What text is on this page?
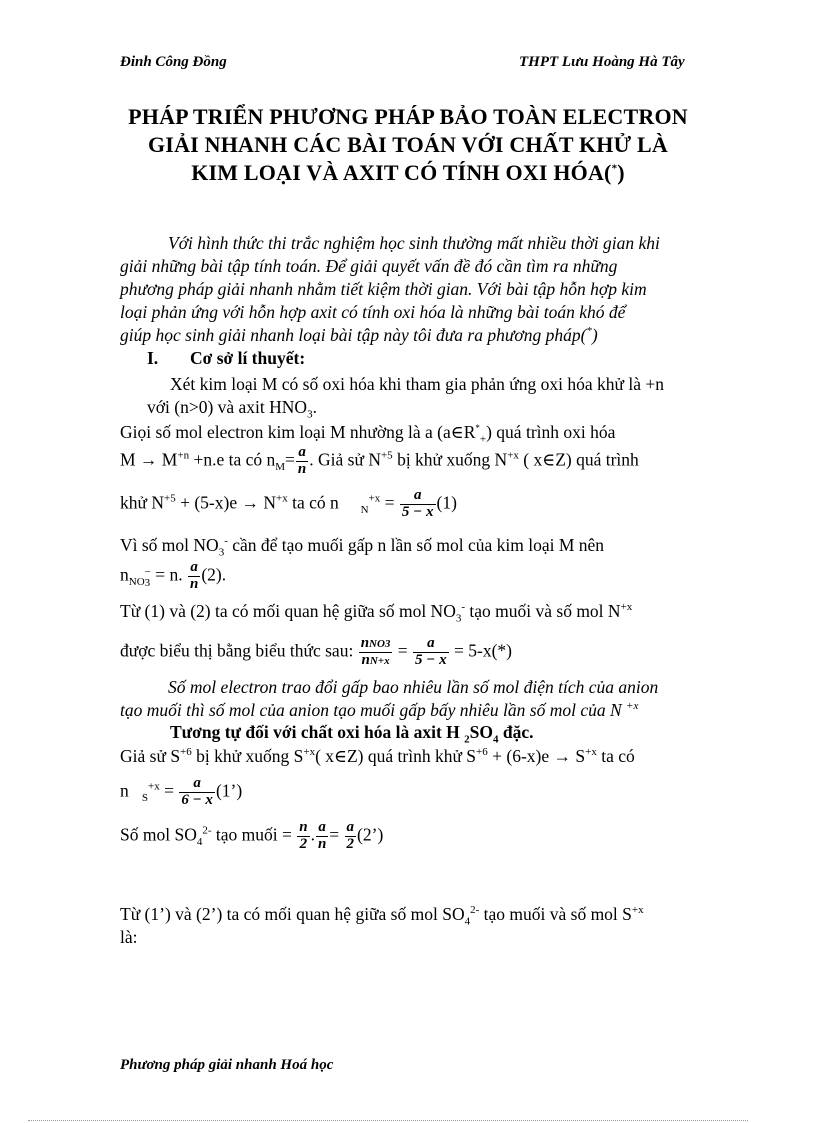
Đinh Công Đồng	THPT Lưu Hoàng Hà Tây
PHÁP TRIỂN PHƯƠNG PHÁP BẢO TOÀN ELECTRON
GIẢI NHANH CÁC BÀI TOÁN VỚI CHẤT KHỬ LÀ
KIM LOẠI VÀ AXIT CÓ TÍNH OXI HÓA(*)
Với hình thức thi trắc nghiệm học sinh thường mất nhiều thời gian khi
giải những bài tập tính toán. Để giải quyết vấn đề đó cần tìm ra những
phương pháp giải nhanh nhằm tiết kiệm thời gian. Với bài tập hỗn hợp kim
loại phản ứng với hỗn hợp axit có tính oxi hóa là những bài toán khó để
giúp học sinh giải nhanh loại bài tập này tôi đưa ra phương pháp(*)
I. Cơ sở lí thuyết:
Xét kim loại M có số oxi hóa khi tham gia phản ứng oxi hóa khử là +n
với (n>0) và axit $HNO_3$.
Giọi số mol electron kim loại M nhường là a $(a\in R^*_+)$ quá trình oxi hóa
$M \to M^{+n} +n.e$ ta có $n_M= \frac{a}{n}$ . Giả sử $N^{+5}$ bị khử xuống $N^{+x}$ ( x∈Z) quá trình
khử $N^{+5} + (5-x)e \to N^{+x}$ ta có n     $_N^{+x} = \frac{a}{5 - x} (1)$
Vì số mol $NO_3^-$ cần để tạo muối gấp n lần số mol của kim loại M nên
$n_{NO}-$
3 = n. $\frac{a}{n} (2)$.
Từ (1) và (2) ta có mối quan hệ giữa số mol $NO_3^-$ tạo muối và số mol $N^{+x}$
được biểu thị bằng biểu thức sau: $\frac{\text{nNO3}}{nN+x} = \frac{a}{5 - x} = 5-x(*)$
Số mol electron trao đổi gấp bao nhiêu lần số mol điện tích của anion
tạo muối thì số mol của anion tạo muối gấp bấy nhiêu lần số mol của N $^{+x}$
Tương tự đối với chất oxi hóa là axit H $_2SO_4$ đặc.
Giả sử $S^{+6}$ bị khử xuống $S^{+x}$( x∈Z) quá trình khử $S^{+6} + (6-x)e \to S^{+x}$ ta có
n   $_S^{+x} = \frac{a}{6 - x}$ (1’)
Số mol $SO_4^{2-}$ tạo muối = $\frac{n}{2}$ . $\frac{a}{n} = \frac{a}{2}$ (2’)
Từ (1’) và (2’) ta có mối quan hệ giữa số mol $SO_4^{2-}$ tạo muối và số mol $S^{+x}$
là:
Phương pháp giải nhanh Hoá học
